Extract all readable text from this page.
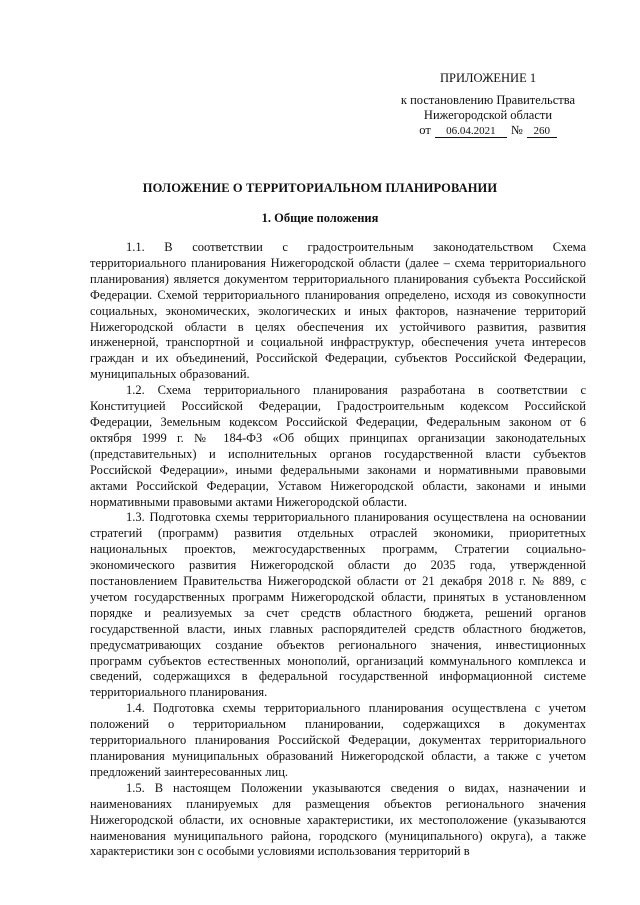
ПРИЛОЖЕНИЕ 1
к постановлению Правительства
Нижегородской области
от	06.04.2021	№ 260
ПОЛОЖЕНИЕ О ТЕРРИТОРИАЛЬНОМ ПЛАНИРОВАНИИ
1. Общие положения

1.1. В соответствии с градостроительным законодательством Схема территориального планирования Нижегородской области (далее – схема территориального планирования) является документом территориального планирования субъекта Российской Федерации. Схемой территориального планирования определено, исходя из совокупности социальных, экономических, экологических и иных факторов, назначение территорий Нижегородской области в целях обеспечения их устойчивого развития, развития инженерной, транспортной и социальной инфраструктур, обеспечения учета интересов граждан и их объединений, Российской Федерации, субъектов Российской Федерации, муниципальных образований.

1.2. Схема территориального планирования разработана в соответствии с Конституцией Российской Федерации, Градостроительным кодексом Российской Федерации, Земельным кодексом Российской Федерации, Федеральным законом от 6 октября 1999 г. № 184-ФЗ «Об общих принципах организации законодательных (представительных) и исполнительных органов государственной власти субъектов Российской Федерации», иными федеральными законами и нормативными правовыми актами Российской Федерации, Уставом Нижегородской области, законами и иными нормативными правовыми актами Нижегородской области.

1.3. Подготовка схемы территориального планирования осуществлена на основании стратегий (программ) развития отдельных отраслей экономики, приоритетных национальных проектов, межгосударственных программ, Стратегии социально-экономического развития Нижегородской области до 2035 года, утвержденной постановлением Правительства Нижегородской области от 21 декабря 2018 г. № 889, с учетом государственных программ Нижегородской области, принятых в установленном порядке и реализуемых за счет средств областного бюджета, решений органов государственной власти, иных главных распорядителей средств областного бюджетов, предусматривающих создание объектов регионального значения, инвестиционных программ субъектов естественных монополий, организаций коммунального комплекса и сведений, содержащихся в федеральной государственной информационной системе территориального планирования.

1.4. Подготовка схемы территориального планирования осуществлена с учетом положений о территориальном планировании, содержащихся в документах территориального планирования Российской Федерации, документах территориального планирования муниципальных образований Нижегородской области, а также с учетом предложений заинтересованных лиц.

1.5. В настоящем Положении указываются сведения о видах, назначении и наименованиях планируемых для размещения объектов регионального значения Нижегородской области, их основные характеристики, их местоположение (указываются наименования муниципального района, городского (муниципального) округа), а также характеристики зон с особыми условиями использования территорий в
